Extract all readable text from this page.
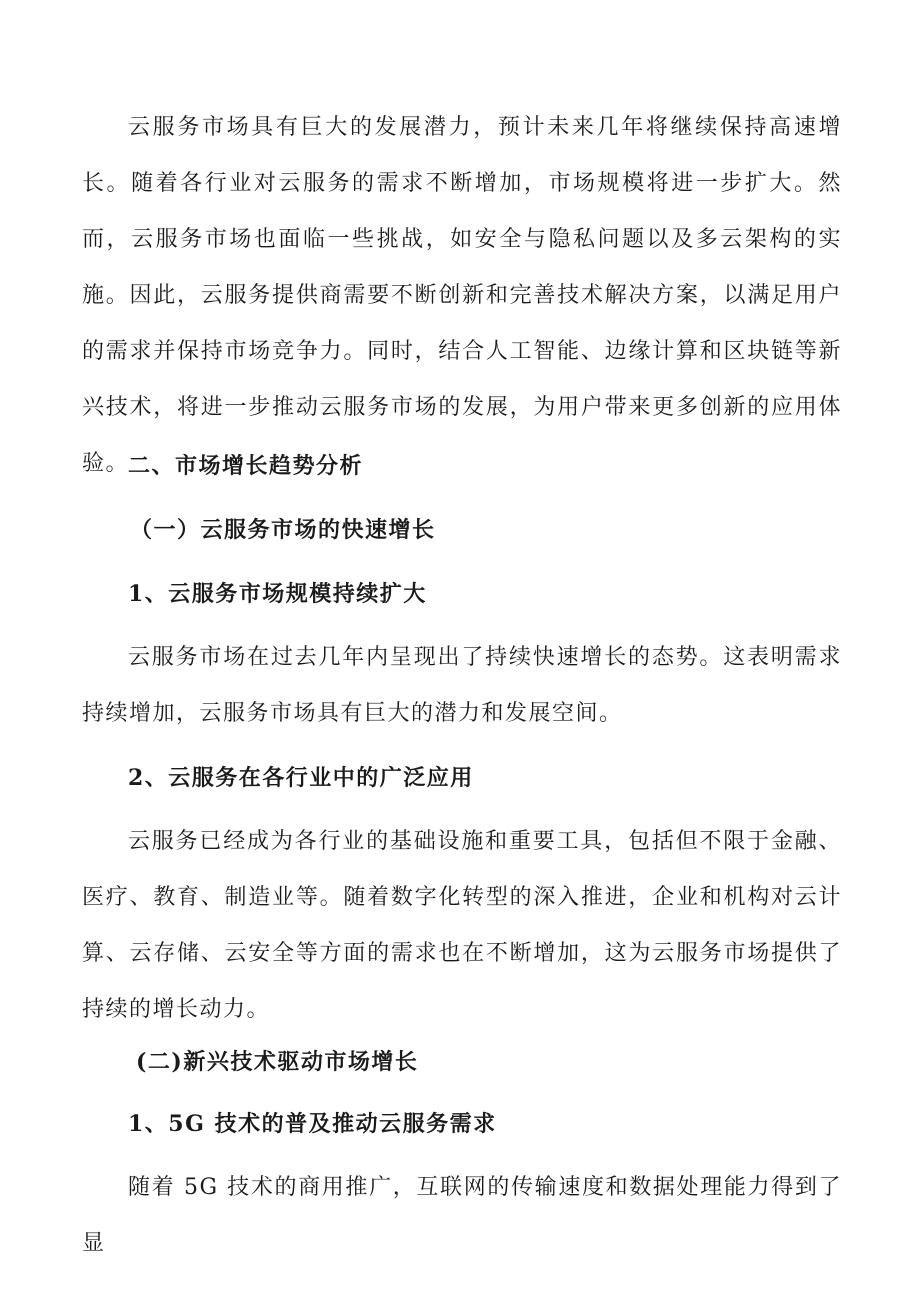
云服务市场具有巨大的发展潜力，预计未来几年将继续保持高速增长。随着各行业对云服务的需求不断增加，市场规模将进一步扩大。然而，云服务市场也面临一些挑战，如安全与隐私问题以及多云架构的实施。因此，云服务提供商需要不断创新和完善技术解决方案，以满足用户的需求并保持市场竞争力。同时，结合人工智能、边缘计算和区块链等新兴技术，将进一步推动云服务市场的发展，为用户带来更多创新的应用体验。

二、市场增长趋势分析
（一）云服务市场的快速增长
1、云服务市场规模持续扩大

云服务市场在过去几年内呈现出了持续快速增长的态势。这表明需求持续增加，云服务市场具有巨大的潜力和发展空间。

2、云服务在各行业中的广泛应用

云服务已经成为各行业的基础设施和重要工具，包括但不限于金融、医疗、教育、制造业等。随着数字化转型的深入推进，企业和机构对云计算、云存储、云安全等方面的需求也在不断增加，这为云服务市场提供了持续的增长动力。

(二)新兴技术驱动市场增长
1、5G 技术的普及推动云服务需求

随着 5G 技术的商用推广，互联网的传输速度和数据处理能力得到了显
